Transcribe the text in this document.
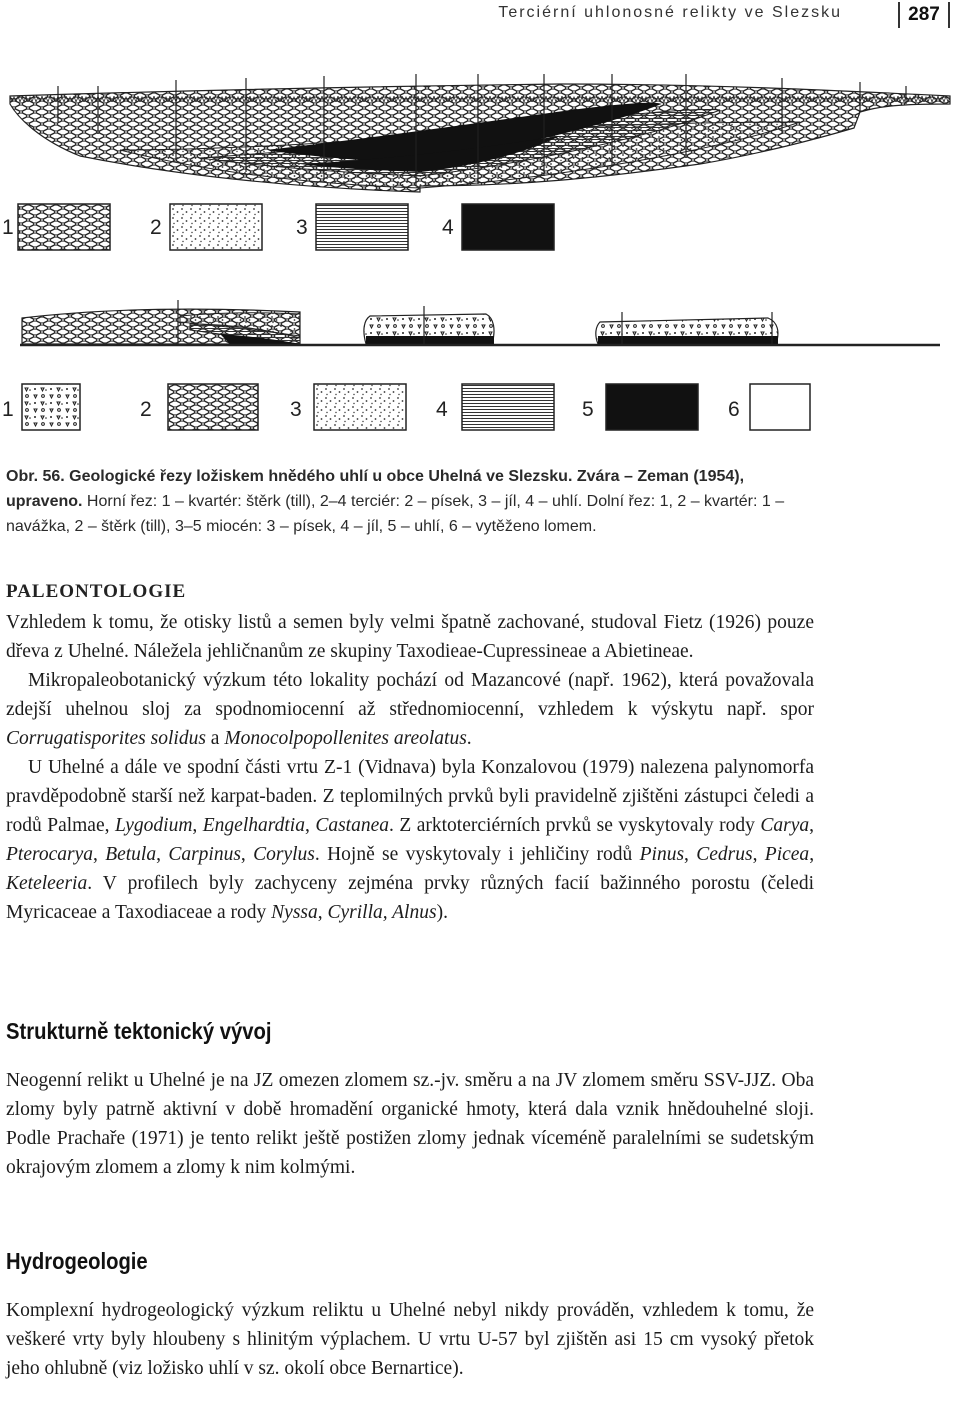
Terciérní uhlonosné relikty ve Slezsku	287
1	2	3	4
1	2	3	4	5	6
Obr. 56. Geologické řezy ložiskem hnědého uhlí u obce Uhelná ve Slezsku. Zvára – Zeman (1954), upraveno. Horní řez: 1 – kvartér: štěrk (till), 2–4 terciér: 2 – písek, 3 – jíl, 4 – uhlí. Dolní řez: 1, 2 – kvartér: 1 – navážka, 2 – štěrk (till), 3–5 miocén: 3 – písek, 4 – jíl, 5 – uhlí, 6 – vytěženo lomem.
PALEONTOLOGIE

Vzhledem k tomu, že otisky listů a semen byly velmi špatně zachované, studoval Fietz (1926) pouze dřeva z Uhelné. Náležela jehličnanům ze skupiny Taxodieae-Cupressineae a Abietineae.

Mikropaleobotanický výzkum této lokality pochází od Mazancové (např. 1962), která považovala zdejší uhelnou sloj za spodnomiocenní až střednomiocenní, vzhledem k výskytu např. spor Corrugatisporites solidus a Monocolpopollenites areolatus.

U Uhelné a dále ve spodní části vrtu Z-1 (Vidnava) byla Konzalovou (1979) nalezena palynomorfa pravděpodobně starší než karpat-baden. Z teplomilných prvků byli pravidelně zjištěni zástupci čeledi a rodů Palmae, Lygodium, Engelhardtia, Castanea. Z arktoterciérních prvků se vyskytovaly rody Carya, Pterocarya, Betula, Carpinus, Corylus. Hojně se vyskytovaly i jehličiny rodů Pinus, Cedrus, Picea, Keteleeria. V profilech byly zachyceny zejména prvky různých facií bažinného porostu (čeledi Myricaceae a Taxodiaceae a rody Nyssa, Cyrilla, Alnus).

Strukturně tektonický vývoj

Neogenní relikt u Uhelné je na JZ omezen zlomem sz.-jv. směru a na JV zlomem směru SSV-JJZ. Oba zlomy byly patrně aktivní v době hromadění organické hmoty, která dala vznik hnědouhelné sloji. Podle Prachaře (1971) je tento relikt ještě postižen zlomy jednak víceméně paralelními se sudetským okrajovým zlomem a zlomy k nim kolmými.

Hydrogeologie

Komplexní hydrogeologický výzkum reliktu u Uhelné nebyl nikdy prováděn, vzhledem k tomu, že veškeré vrty byly hloubeny s hlinitým výplachem. U vrtu U-57 byl zjištěn asi 15 cm vysoký přetok jeho ohlubně (viz ložisko uhlí v sz. okolí obce Bernartice).
